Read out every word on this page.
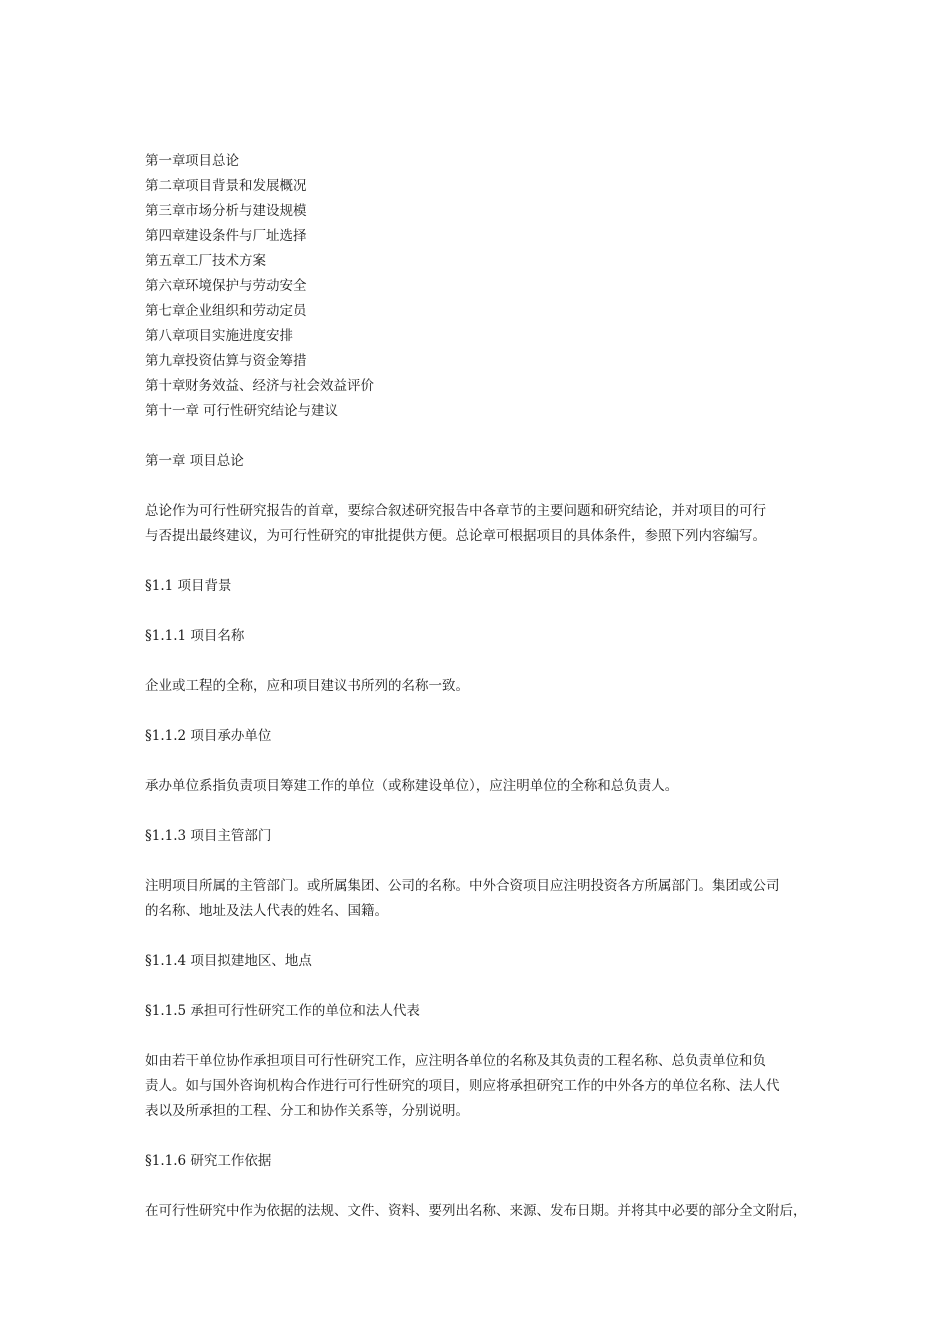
第一章项目总论
第二章项目背景和发展概况
第三章市场分析与建设规模
第四章建设条件与厂址选择
第五章工厂技术方案
第六章环境保护与劳动安全
第七章企业组织和劳动定员
第八章项目实施进度安排
第九章投资估算与资金筹措
第十章财务效益、经济与社会效益评价
第十一章 可行性研究结论与建议

第一章 项目总论

总论作为可行性研究报告的首章，要综合叙述研究报告中各章节的主要问题和研究结论，并对项目的可行

与否提出最终建议，为可行性研究的审批提供方便。总论章可根据项目的具体条件，参照下列内容编写。

§1.1 项目背景

§1.1.1 项目名称

企业或工程的全称，应和项目建议书所列的名称一致。

§1.1.2 项目承办单位

承办单位系指负责项目筹建工作的单位（或称建设单位），应注明单位的全称和总负责人。

§1.1.3 项目主管部门

注明项目所属的主管部门。或所属集团、公司的名称。中外合资项目应注明投资各方所属部门。集团或公司

的名称、地址及法人代表的姓名、国籍。

§1.1.4 项目拟建地区、地点

§1.1.5 承担可行性研究工作的单位和法人代表

如由若干单位协作承担项目可行性研究工作，应注明各单位的名称及其负责的工程名称、总负责单位和负

责人。如与国外咨询机构合作进行可行性研究的项目，则应将承担研究工作的中外各方的单位名称、法人代

表以及所承担的工程、分工和协作关系等，分别说明。

§1.1.6 研究工作依据

在可行性研究中作为依据的法规、文件、资料、要列出名称、来源、发布日期。并将其中必要的部分全文附后，
